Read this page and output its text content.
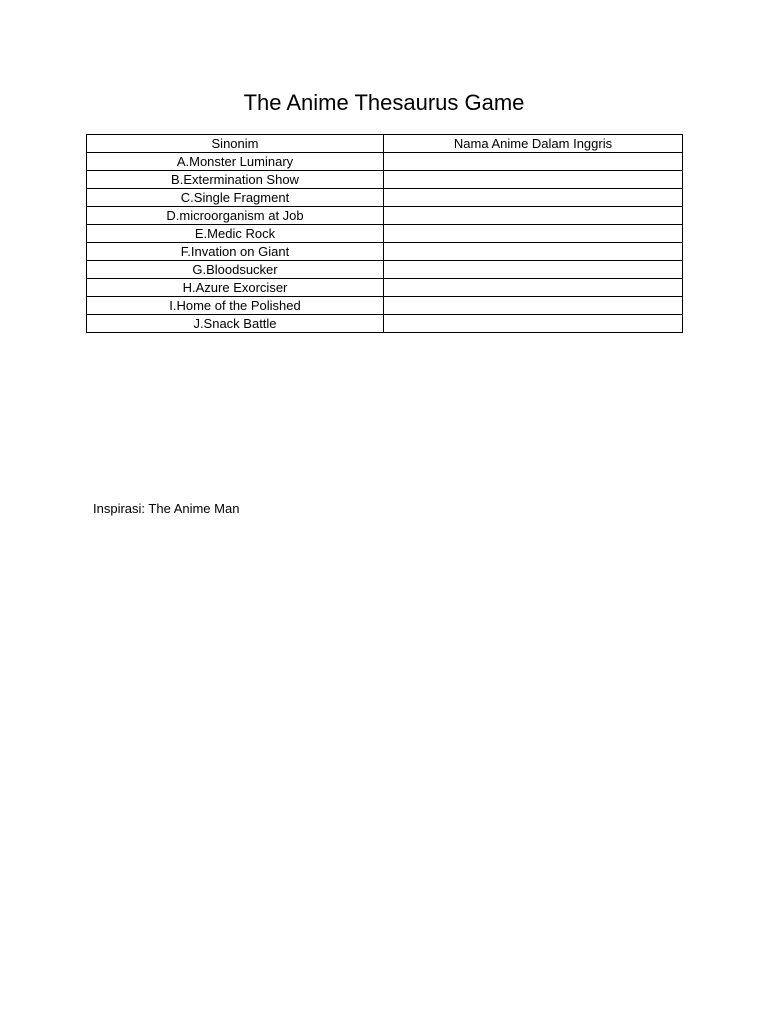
The Anime Thesaurus Game
Sinonim	Nama Anime Dalam Inggris
A.Monster Luminary	
B.Extermination Show	
C.Single Fragment	
D.microorganism at Job	
E.Medic Rock	
F.Invation on Giant	
G.Bloodsucker	
H.Azure Exorciser	
I.Home of the Polished	
J.Snack Battle	
Inspirasi: The Anime Man
